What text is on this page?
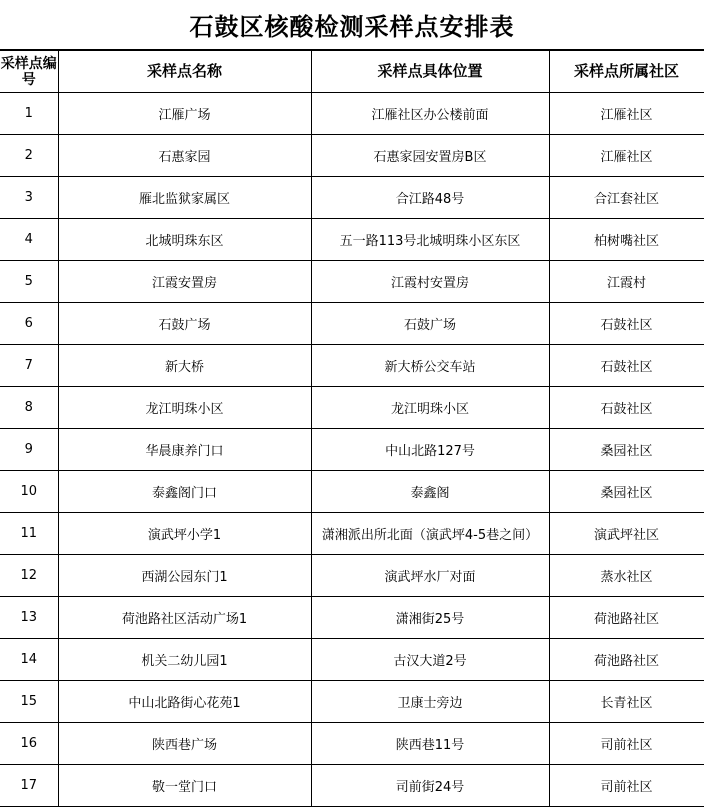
石鼓区核酸检测采样点安排表
采样点编号	采样点名称	采样点具体位置	采样点所属社区
1	江雁广场	江雁社区办公楼前面	江雁社区
2	石惠家园	石惠家园安置房B区	江雁社区
3	雁北监狱家属区	合江路48号	合江套社区
4	北城明珠东区	五一路113号北城明珠小区东区	柏树嘴社区
5	江霞安置房	江霞村安置房	江霞村
6	石鼓广场	石鼓广场	石鼓社区
7	新大桥	新大桥公交车站	石鼓社区
8	龙江明珠小区	龙江明珠小区	石鼓社区
9	华晨康养门口	中山北路127号	桑园社区
10	泰鑫阁门口	泰鑫阁	桑园社区
11	演武坪小学1	潇湘派出所北面（演武坪4-5巷之间）	演武坪社区
12	西湖公园东门1	演武坪水厂对面	蒸水社区
13	荷池路社区活动广场1	潇湘街25号	荷池路社区
14	机关二幼儿园1	古汉大道2号	荷池路社区
15	中山北路街心花苑1	卫康士旁边	长青社区
16	陕西巷广场	陕西巷11号	司前社区
17	敬一堂门口	司前街24号	司前社区
